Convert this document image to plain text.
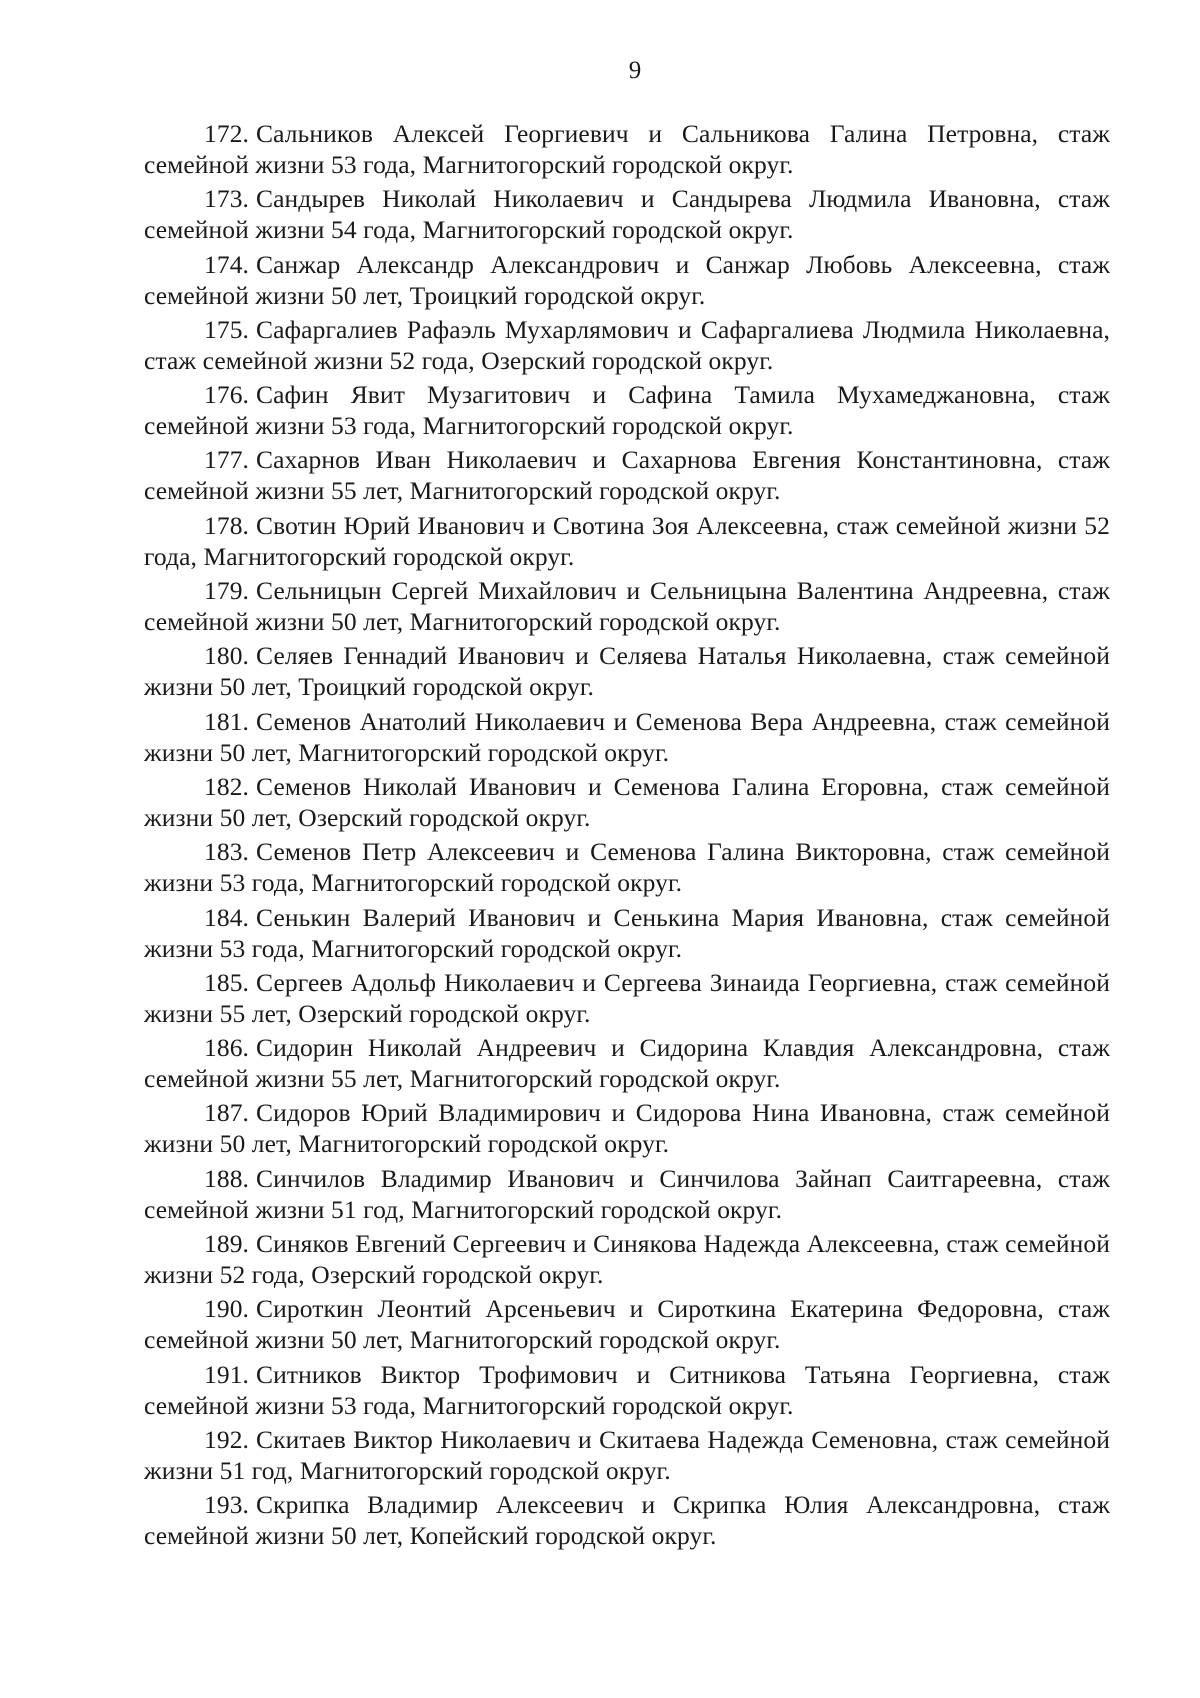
9
172. Сальников Алексей Георгиевич и Сальникова Галина Петровна, стаж семейной жизни 53 года, Магнитогорский городской округ.
173. Сандырев Николай Николаевич и Сандырева Людмила Ивановна, стаж семейной жизни 54 года, Магнитогорский городской округ.
174. Санжар Александр Александрович и Санжар Любовь Алексеевна, стаж семейной жизни 50 лет, Троицкий городской округ.
175. Сафаргалиев Рафаэль Мухарлямович и Сафаргалиева Людмила Николаевна, стаж семейной жизни 52 года, Озерский городской округ.
176. Сафин Явит Музагитович и Сафина Тамила Мухамеджановна, стаж семейной жизни 53 года, Магнитогорский городской округ.
177. Сахарнов Иван Николаевич и Сахарнова Евгения Константиновна, стаж семейной жизни 55 лет, Магнитогорский городской округ.
178. Свотин Юрий Иванович и Свотина Зоя Алексеевна, стаж семейной жизни 52 года, Магнитогорский городской округ.
179. Сельницын Сергей Михайлович и Сельницына Валентина Андреевна, стаж семейной жизни 50 лет, Магнитогорский городской округ.
180. Селяев Геннадий Иванович и Селяева Наталья Николаевна, стаж семейной жизни 50 лет, Троицкий городской округ.
181. Семенов Анатолий Николаевич и Семенова Вера Андреевна, стаж семейной жизни 50 лет, Магнитогорский городской округ.
182. Семенов Николай Иванович и Семенова Галина Егоровна, стаж семейной жизни 50 лет, Озерский городской округ.
183. Семенов Петр Алексеевич и Семенова Галина Викторовна, стаж семейной жизни 53 года, Магнитогорский городской округ.
184. Сенькин Валерий Иванович и Сенькина Мария Ивановна, стаж семейной жизни 53 года, Магнитогорский городской округ.
185. Сергеев Адольф Николаевич и Сергеева Зинаида Георгиевна, стаж семейной жизни 55 лет, Озерский городской округ.
186. Сидорин Николай Андреевич и Сидорина Клавдия Александровна, стаж семейной жизни 55 лет, Магнитогорский городской округ.
187. Сидоров Юрий Владимирович и Сидорова Нина Ивановна, стаж семейной жизни 50 лет, Магнитогорский городской округ.
188. Синчилов Владимир Иванович и Синчилова Зайнап Саитгареевна, стаж семейной жизни 51 год, Магнитогорский городской округ.
189. Синяков Евгений Сергеевич и Синякова Надежда Алексеевна, стаж семейной жизни 52 года, Озерский городской округ.
190. Сироткин Леонтий Арсеньевич и Сироткина Екатерина Федоровна, стаж семейной жизни 50 лет, Магнитогорский городской округ.
191. Ситников Виктор Трофимович и Ситникова Татьяна Георгиевна, стаж семейной жизни 53 года, Магнитогорский городской округ.
192. Скитаев Виктор Николаевич и Скитаева Надежда Семеновна, стаж семейной жизни 51 год, Магнитогорский городской округ.
193. Скрипка Владимир Алексеевич и Скрипка Юлия Александровна, стаж семейной жизни 50 лет, Копейский городской округ.
